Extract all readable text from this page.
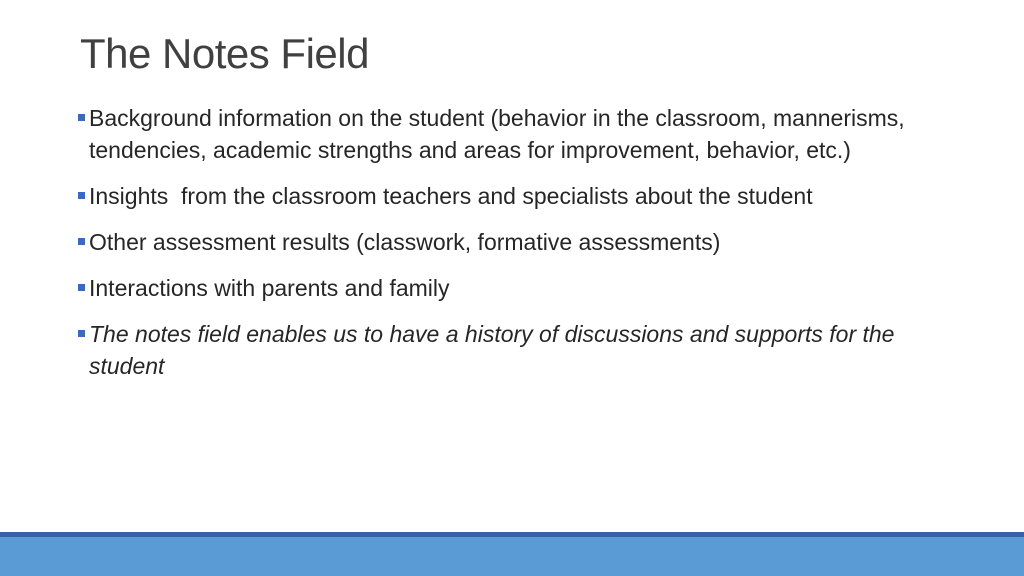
The Notes Field
Background information on the student (behavior in the classroom, mannerisms, tendencies, academic strengths and areas for improvement, behavior, etc.)
Insights  from the classroom teachers and specialists about the student
Other assessment results (classwork, formative assessments)
Interactions with parents and family
The notes field enables us to have a history of discussions and supports for the student
